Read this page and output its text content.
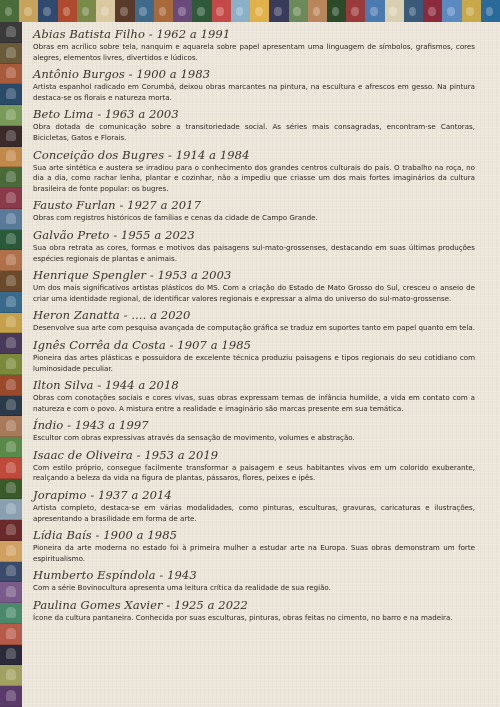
Abias Batista Filho - 1962 a 1991
Obras em acrílico sobre tela, nanquim e aquarela sobre papel apresentam uma linguagem de símbolos, grafismos, cores alegres, elementos livres, divertidos e lúdicos.
Antônio Burgos - 1900 a 1983
Artista espanhol radicado em Corumbá, deixou obras marcantes na pintura, na escultura e afrescos em gesso. Na pintura destaca-se os florais e natureza morta.
Beto Lima - 1963 a 2003
Obra dotada de comunicação sobre a transitoriedade social. As séries mais consagradas, encontram-se Cantoras, Bicicletas, Gatos e Florais.
Conceição dos Bugres - 1914 a 1984
Sua arte sintética e austera se irradiou para o conhecimento dos grandes centros culturais do país. O trabalho na roça, no dia a dia, como rachar lenha, plantar e cozinhar, não a impediu que criasse um dos mais fortes imaginários da cultura brasileira de fonte popular: os bugres.
Fausto Furlan - 1927 a 2017
Obras com registros históricos de famílias e cenas da cidade de Campo Grande.
Galvão Preto - 1955 a 2023
Sua obra retrata as cores, formas e motivos das paisagens sul-mato-grossenses, destacando em suas últimas produções espécies regionais de plantas e animais.
Henrique Spengler - 1953 a 2003
Um dos mais significativos artistas plásticos do MS. Com a criação do Estado de Mato Grosso do Sul, cresceu o anseio de criar uma identidade regional, de identificar valores regionais e expressar a alma do universo do sul-mato-grossense.
Heron Zanatta - .... a 2020
Desenvolve sua arte com pesquisa avançada de computação gráfica se traduz em suportes tanto em papel quanto em tela.
Ignês Corrêa da Costa - 1907 a 1985
Pioneira das artes plásticas e possuidora de excelente técnica produziu paisagens e tipos regionais do seu cotidiano com luminosidade peculiar.
Ilton Silva - 1944 a 2018
Obras com conotações sociais e cores vivas, suas obras expressam temas de infância humilde, a vida em contato com a natureza e com o povo. A mistura entre a realidade e imaginário são marcas presente em sua temática.
Índio - 1943 a 1997
Escultor com obras expressivas através da sensação de movimento, volumes e abstração.
Isaac de Oliveira - 1953 a 2019
Com estilo próprio, consegue facilmente transformar a paisagem e seus habitantes vivos em um colorido exuberante, realçando a beleza da vida na figura de plantas, pássaros, flores, peixes e ipês.
Jorapimo - 1937 a 2014
Artista completo, destaca-se em várias modalidades, como pinturas, esculturas, gravuras, caricaturas e ilustrações, apresentando a brasilidade em forma de arte.
Lídia Baís - 1900 a 1985
Pioneira da arte moderna no estado foi à primeira mulher a estudar arte na Europa. Suas obras demonstram um forte espiritualismo.
Humberto Espíndola - 1943
Com a série Bovinocultura apresenta uma leitura crítica da realidade de sua região.
Paulina Gomes Xavier - 1925 a 2022
Ícone da cultura pantaneira. Conhecida por suas esculturas, pinturas, obras feitas no cimento, no barro e na madeira.
